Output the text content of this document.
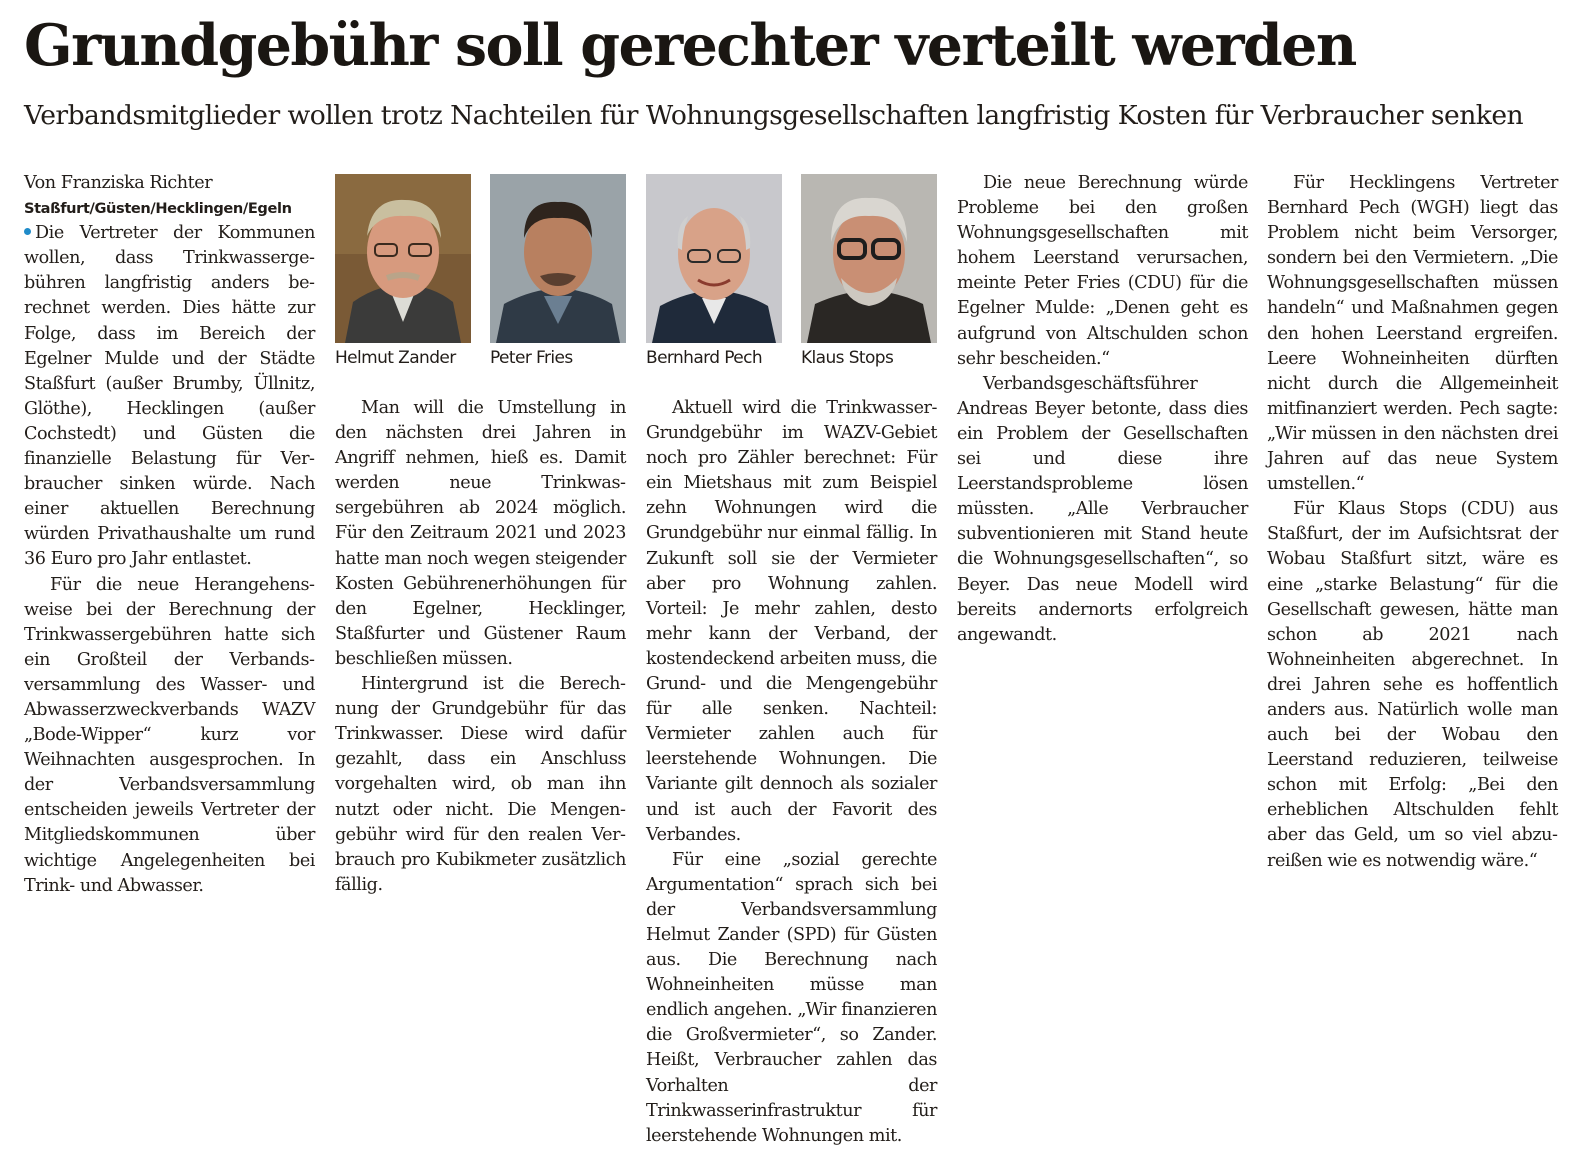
Grundgebühr soll gerechter verteilt werden
Verbandsmitglieder wollen trotz Nachteilen für Wohnungsgesellschaften langfristig Kosten für Verbraucher senken

Von Franziska Richter

Staßfurt/Güsten/Hecklingen/Egeln

Die Vertreter der Kommunen wollen, dass Trinkwassergebühren langfristig anders berechnet werden. Dies hätte zur Folge, dass im Bereich der Egelner Mulde und der Städte Staßfurt (außer Brumby, Üllnitz, Glöthe), Hecklingen (außer Cochstedt) und Güsten die finanzielle Belastung für Verbraucher sinken würde. Nach einer aktuellen Berechnung würden Privathaushalte um rund 36 Euro pro Jahr entlastet.

Für die neue Herangehensweise bei der Berechnung der Trinkwassergebühren hatte sich ein Großteil der Verbandsversammlung des Wasser- und Abwasserzweckverbands WAZV „Bode-Wipper“ kurz vor Weihnachten ausgesprochen. In der Verbandsversammlung entscheiden jeweils Vertreter der Mitgliedskommunen über wichtige Angelegenheiten bei Trink- und Abwasser.

Helmut Zander	Peter Fries	Bernhard Pech	Klaus Stops

Man will die Umstellung in den nächsten drei Jahren in Angriff nehmen, hieß es. Damit werden neue Trinkwassergebühren ab 2024 möglich. Für den Zeitraum 2021 und 2023 hatte man noch wegen steigender Kosten Gebührenerhöhungen für den Egelner, Hecklinger, Staßfurter und Güstener Raum beschließen müssen.

Hintergrund ist die Berechnung der Grundgebühr für das Trinkwasser. Diese wird dafür gezahlt, dass ein Anschluss vorgehalten wird, ob man ihn nutzt oder nicht. Die Mengengebühr wird für den realen Verbrauch pro Kubikmeter zusätzlich fällig.

Aktuell wird die Trinkwasser-Grundgebühr im WAZV-Gebiet noch pro Zähler berechnet: Für ein Mietshaus mit zum Beispiel zehn Wohnungen wird die Grundgebühr nur einmal fällig. In Zukunft soll sie der Vermieter aber pro Wohnung zahlen. Vorteil: Je mehr zahlen, desto mehr kann der Verband, der kostendeckend arbeiten muss, die Grund- und die Mengengebühr für alle senken. Nachteil: Vermieter zahlen auch für leerstehende Wohnungen. Die Variante gilt dennoch als sozialer und ist auch der Favorit des Verbandes.

Für eine „sozial gerechte Argumentation“ sprach sich bei der Verbandsversammlung Helmut Zander (SPD) für Güsten aus. Die Berechnung nach Wohneinheiten müsse man endlich angehen. „Wir finanzieren die Großvermieter“, so Zander. Heißt, Verbraucher zahlen das Vorhalten der Trinkwasserinfrastruktur für leerstehende Wohnungen mit.

Die neue Berechnung würde Probleme bei den großen Wohnungsgesellschaften mit hohem Leerstand verursachen, meinte Peter Fries (CDU) für die Egelner Mulde: „Denen geht es aufgrund von Altschulden schon sehr bescheiden.“

Verbandsgeschäftsführer Andreas Beyer betonte, dass dies ein Problem der Gesellschaften sei und diese ihre Leerstandsprobleme lösen müssten. „Alle Verbraucher subventionieren mit Stand heute die Wohnungsgesellschaften“, so Beyer. Das neue Modell wird bereits andernorts erfolgreich angewandt.

Für Hecklingens Vertreter Bernhard Pech (WGH) liegt das Problem nicht beim Versorger, sondern bei den Vermietern. „Die Wohnungsgesellschaften müssen handeln“ und Maßnahmen gegen den hohen Leerstand ergreifen. Leere Wohneinheiten dürften nicht durch die Allgemeinheit mitfinanziert werden. Pech sagte: „Wir müssen in den nächsten drei Jahren auf das neue System umstellen.“

Für Klaus Stops (CDU) aus Staßfurt, der im Aufsichtsrat der Wobau Staßfurt sitzt, wäre es eine „starke Belastung“ für die Gesellschaft gewesen, hätte man schon ab 2021 nach Wohneinheiten abgerechnet. In drei Jahren sehe es hoffentlich anders aus. Natürlich wolle man auch bei der Wobau den Leerstand reduzieren, teilweise schon mit Erfolg: „Bei den erheblichen Altschulden fehlt aber das Geld, um so viel abzureißen wie es notwendig wäre.“
